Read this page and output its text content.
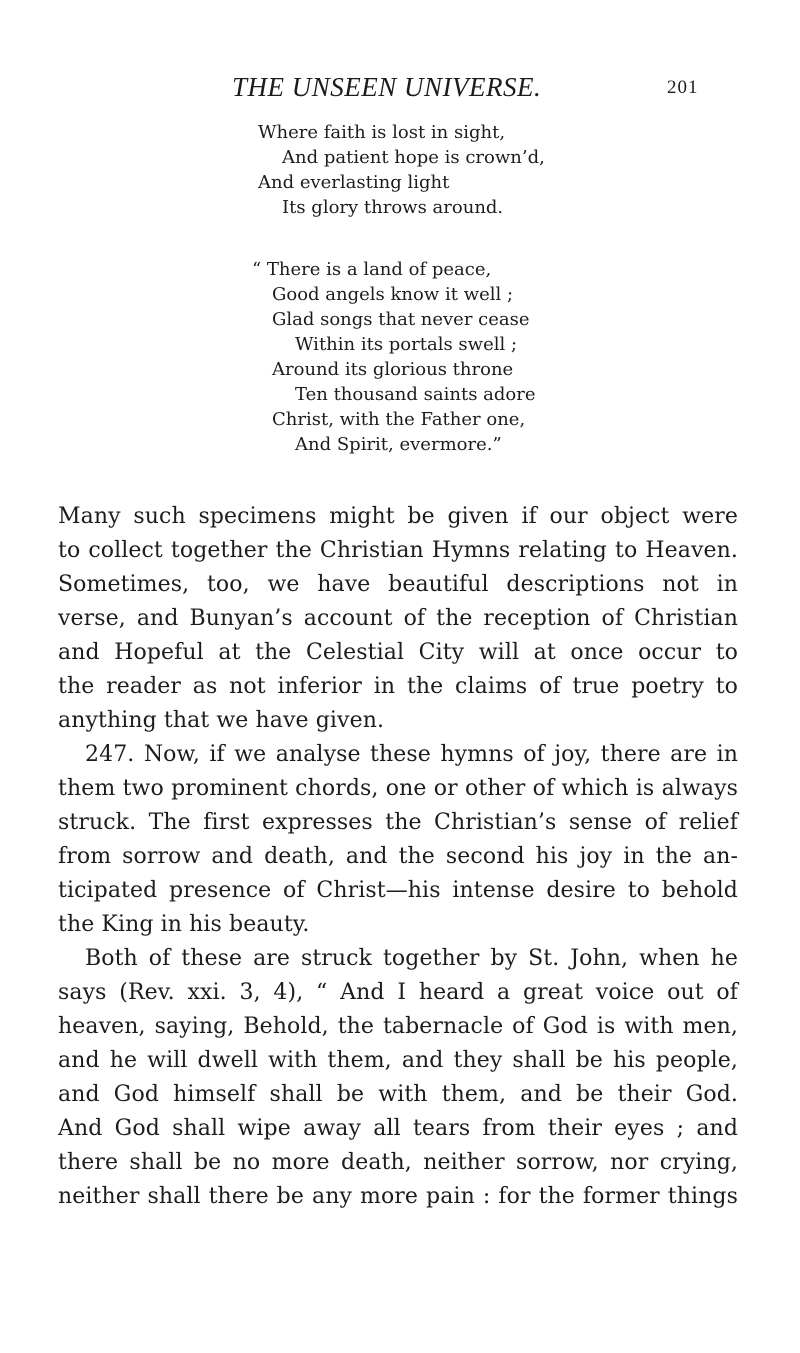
THE UNSEEN UNIVERSE.	201
Where faith is lost in sight,
And patient hope is crown’d,
And everlasting light
Its glory throws around.
“ There is a land of peace,
Good angels know it well ;
Glad songs that never cease
Within its portals swell ;
Around its glorious throne
Ten thousand saints adore
Christ, with the Father one,
And Spirit, evermore.”
Many such specimens might be given if our object were
to collect together the Christian Hymns relating to Heaven.
Sometimes, too, we have beautiful descriptions not in
verse, and Bunyan’s account of the reception of Christian
and Hopeful at the Celestial City will at once occur to
the reader as not inferior in the claims of true poetry to
anything that we have given.
247. Now, if we analyse these hymns of joy, there are in
them two prominent chords, one or other of which is always
struck. The first expresses the Christian’s sense of relief
from sorrow and death, and the second his joy in the an-
ticipated presence of Christ—his intense desire to behold
the King in his beauty.
Both of these are struck together by St. John, when he
says (Rev. xxi. 3, 4), “ And I heard a great voice out of
heaven, saying, Behold, the tabernacle of God is with men,
and he will dwell with them, and they shall be his people,
and God himself shall be with them, and be their God.
And God shall wipe away all tears from their eyes ; and
there shall be no more death, neither sorrow, nor crying,
neither shall there be any more pain : for the former things
